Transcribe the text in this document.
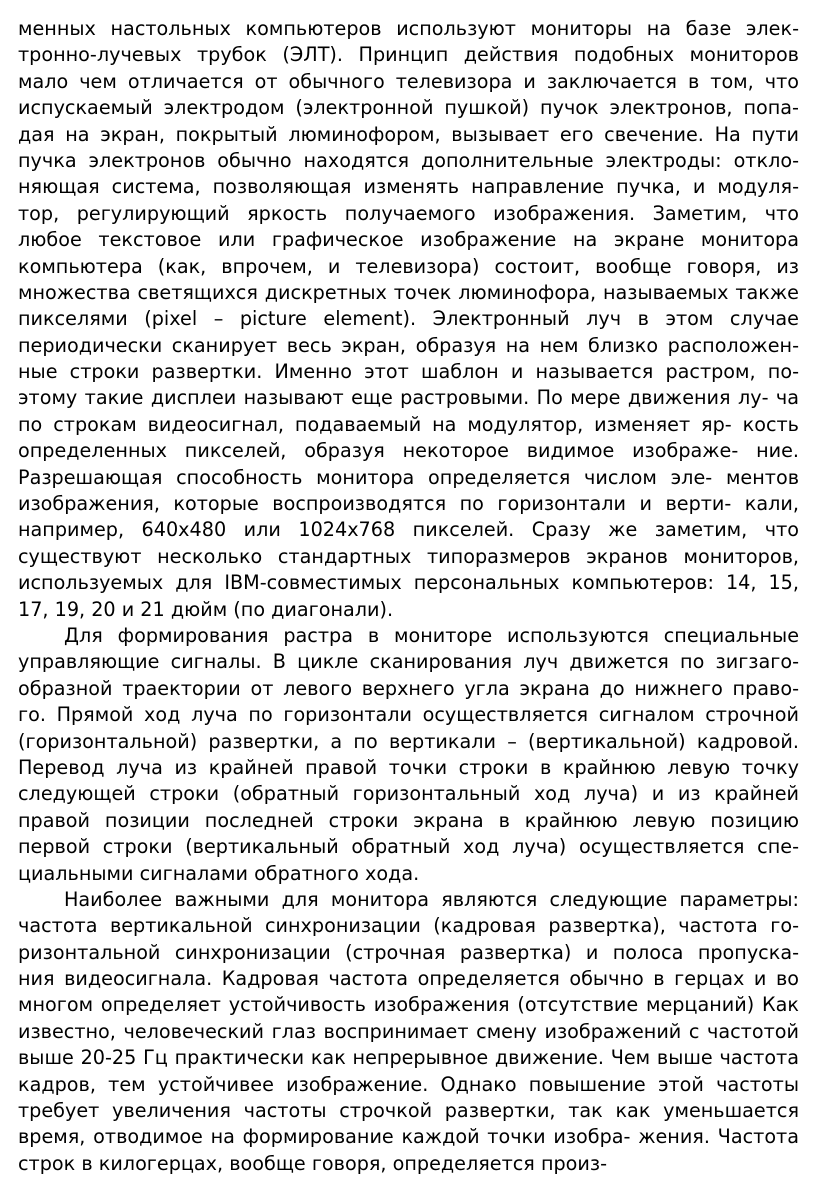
менных настольных компьютеров используют мониторы на базе элек-
тронно-лучевых трубок (ЭЛТ). Принцип действия подобных мониторов
мало чем отличается от обычного телевизора и заключается в том, что
испускаемый электродом (электронной пушкой) пучок электронов, попа-
дая на экран, покрытый люминофором, вызывает его свечение. На пути
пучка электронов обычно находятся дополнительные электроды: откло-
няющая система, позволяющая изменять направление пучка, и модуля-
тор, регулирующий яркость получаемого изображения. Заметим, что
любое текстовое или графическое изображение на экране монитора
компьютера (как, впрочем, и телевизора) состоит, вообще говоря, из
множества светящихся дискретных точек люминофора, называемых также
пикселями (pixel – picture element). Электронный луч в этом случае
периодически сканирует весь экран, образуя на нем близко расположен-
ные строки развертки. Именно этот шаблон и называется растром, по-
этому такие дисплеи называют еще растровыми. По мере движения лу- ча
по строкам видеосигнал, подаваемый на модулятор, изменяет яр- кость
определенных пикселей, образуя некоторое видимое изображе- ние.
Разрешающая способность монитора определяется числом эле- ментов
изображения, которые воспроизводятся по горизонтали и верти- кали,
например, 640x480 или 1024x768 пикселей. Сразу же заметим, что
существуют несколько стандартных типоразмеров экранов мониторов,
используемых для IBM-совместимых персональных компьютеров: 14, 15,
17, 19, 20 и 21 дюйм (по диагонали).
Для формирования растра в мониторе используются специальные
управляющие сигналы. В цикле сканирования луч движется по зигзаго-
образной траектории от левого верхнего угла экрана до нижнего право-
го. Прямой ход луча по горизонтали осуществляется сигналом строчной
(горизонтальной) развертки, а по вертикали – (вертикальной) кадровой.
Перевод луча из крайней правой точки строки в крайнюю левую точку
следующей строки (обратный горизонтальный ход луча) и из крайней
правой позиции последней строки экрана в крайнюю левую позицию
первой строки (вертикальный обратный ход луча) осуществляется спе-
циальными сигналами обратного хода.
Наиболее важными для монитора являются следующие параметры:
частота вертикальной синхронизации (кадровая развертка), частота го-
ризонтальной синхронизации (строчная развертка) и полоса пропуска-
ния видеосигнала. Кадровая частота определяется обычно в герцах и во
многом определяет устойчивость изображения (отсутствие мерцаний) Как
известно, человеческий глаз воспринимает смену изображений с частотой
выше 20-25 Гц практически как непрерывное движение. Чем выше частота
кадров, тем устойчивее изображение. Однако повышение этой частоты
требует увеличения частоты строчкой развертки, так как уменьшается
время, отводимое на формирование каждой точки изобра- жения. Частота
строк в килогерцах, вообще говоря, определяется произ-
